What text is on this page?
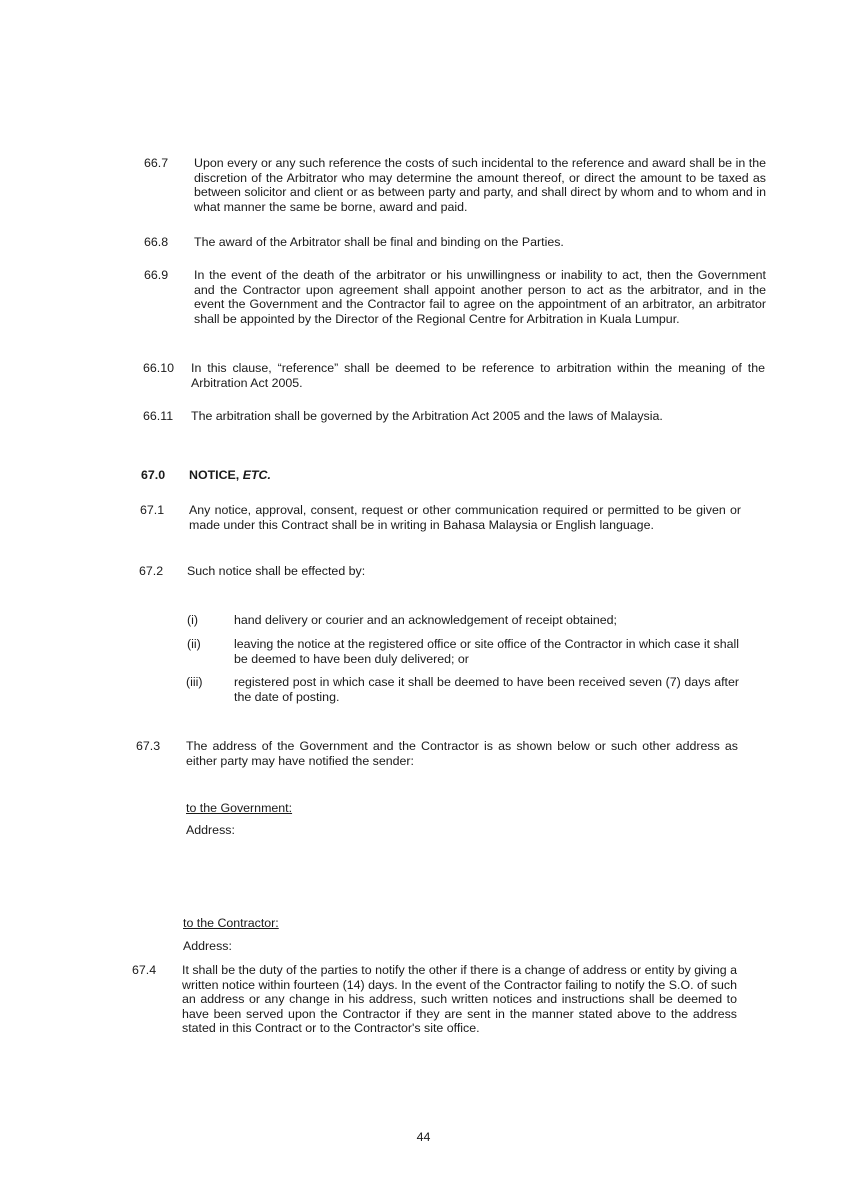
66.7 Upon every or any such reference the costs of such incidental to the reference and award shall be in the discretion of the Arbitrator who may determine the amount thereof, or direct the amount to be taxed as between solicitor and client or as between party and party, and shall direct by whom and to whom and in what manner the same be borne, award and paid.
66.8 The award of the Arbitrator shall be final and binding on the Parties.
66.9 In the event of the death of the arbitrator or his unwillingness or inability to act, then the Government and the Contractor upon agreement shall appoint another person to act as the arbitrator, and in the event the Government and the Contractor fail to agree on the appointment of an arbitrator, an arbitrator shall be appointed by the Director of the Regional Centre for Arbitration in Kuala Lumpur.
66.10 In this clause, “reference” shall be deemed to be reference to arbitration within the meaning of the Arbitration Act 2005.
66.11 The arbitration shall be governed by the Arbitration Act 2005 and the laws of Malaysia.
67.0 NOTICE, ETC.
67.1 Any notice, approval, consent, request or other communication required or permitted to be given or made under this Contract shall be in writing in Bahasa Malaysia or English language.
67.2 Such notice shall be effected by:
(i)	hand delivery or courier and an acknowledgement of receipt obtained;
(ii)	leaving the notice at the registered office or site office of the Contractor in which case it shall be deemed to have been duly delivered; or
(iii)	registered post in which case it shall be deemed to have been received seven (7) days after the date of posting.
67.3 The address of the Government and the Contractor is as shown below or such other address as either party may have notified the sender:
to the Government:
Address:
to the Contractor:
Address:
67.4 It shall be the duty of the parties to notify the other if there is a change of address or entity by giving a written notice within fourteen (14) days. In the event of the Contractor failing to notify the S.O. of such an address or any change in his address, such written notices and instructions shall be deemed to have been served upon the Contractor if they are sent in the manner stated above to the address stated in this Contract or to the Contractor's site office.
44
